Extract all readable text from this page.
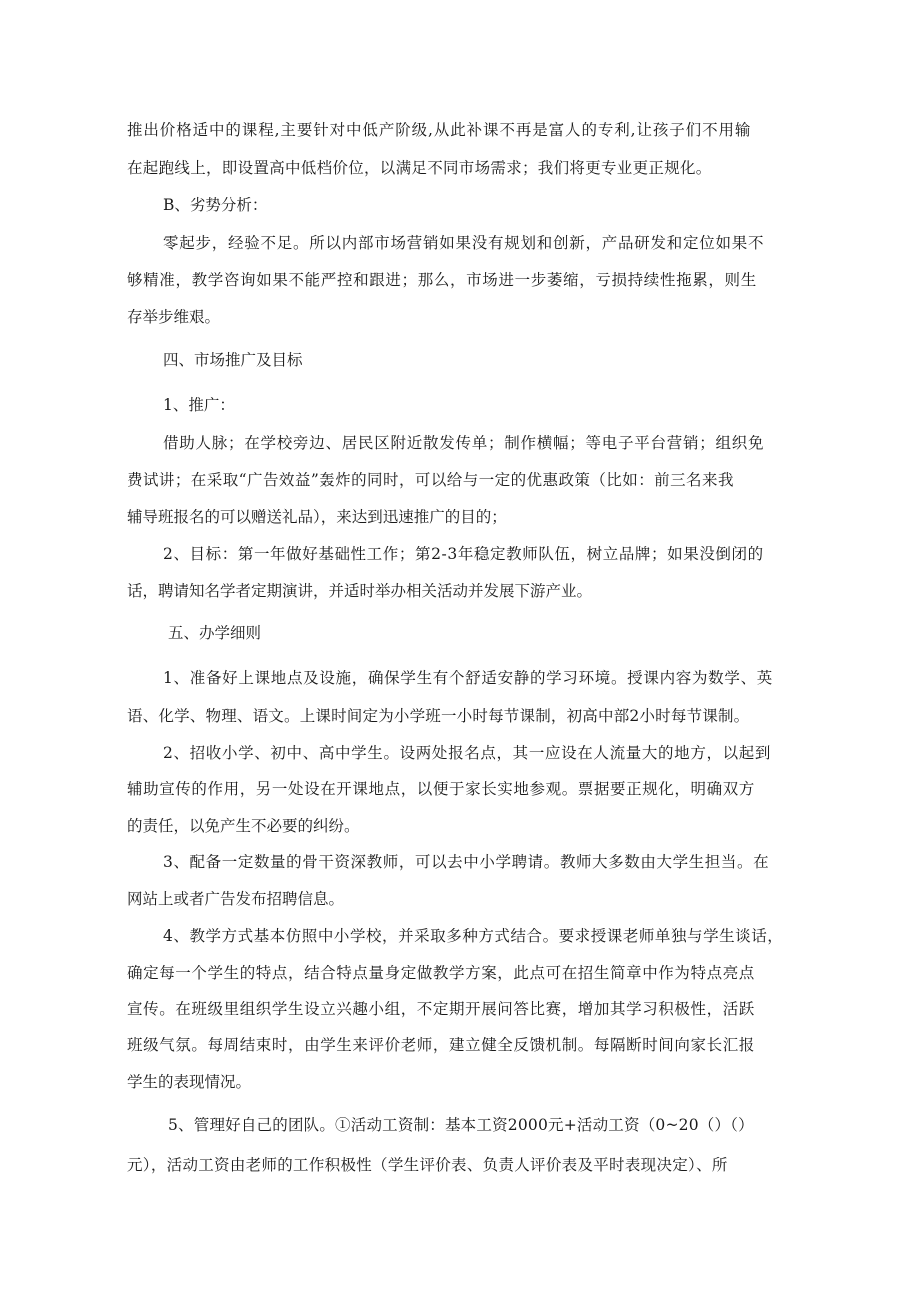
推出价格适中的课程,主要针对中低产阶级,从此补课不再是富人的专利,让孩子们不用输

在起跑线上，即设置高中低档价位，以满足不同市场需求；我们将更专业更正规化。

B、劣势分析：

零起步，经验不足。所以内部市场营销如果没有规划和创新，产品研发和定位如果不

够精准，教学咨询如果不能严控和跟进；那么，市场进一步萎缩，亏损持续性拖累，则生

存举步维艰。

四、市场推广及目标

1、推广：

借助人脉；在学校旁边、居民区附近散发传单；制作横幅；等电子平台营销；组织免

费试讲；在采取“广告效益”轰炸的同时，可以给与一定的优惠政策（比如：前三名来我

辅导班报名的可以赠送礼品），来达到迅速推广的目的；

2、目标：第一年做好基础性工作；第2-3年稳定教师队伍，树立品牌；如果没倒闭的

话，聘请知名学者定期演讲，并适时举办相关活动并发展下游产业。

五、办学细则

1、准备好上课地点及设施，确保学生有个舒适安静的学习环境。授课内容为数学、英

语、化学、物理、语文。上课时间定为小学班一小时每节课制，初高中部2小时每节课制。

2、招收小学、初中、高中学生。设两处报名点，其一应设在人流量大的地方，以起到

辅助宣传的作用，另一处设在开课地点，以便于家长实地参观。票据要正规化，明确双方

的责任，以免产生不必要的纠纷。

3、配备一定数量的骨干资深教师，可以去中小学聘请。教师大多数由大学生担当。在

网站上或者广告发布招聘信息。

4、教学方式基本仿照中小学校，并采取多种方式结合。要求授课老师单独与学生谈话，

确定每一个学生的特点，结合特点量身定做教学方案，此点可在招生简章中作为特点亮点

宣传。在班级里组织学生设立兴趣小组，不定期开展问答比赛，增加其学习积极性，活跃

班级气氛。每周结束时，由学生来评价老师，建立健全反馈机制。每隔断时间向家长汇报

学生的表现情况。

5、管理好自己的团队。①活动工资制：基本工资2000元+活动工资（0~20（）（）

元），活动工资由老师的工作积极性（学生评价表、负责人评价表及平时表现决定）、所
